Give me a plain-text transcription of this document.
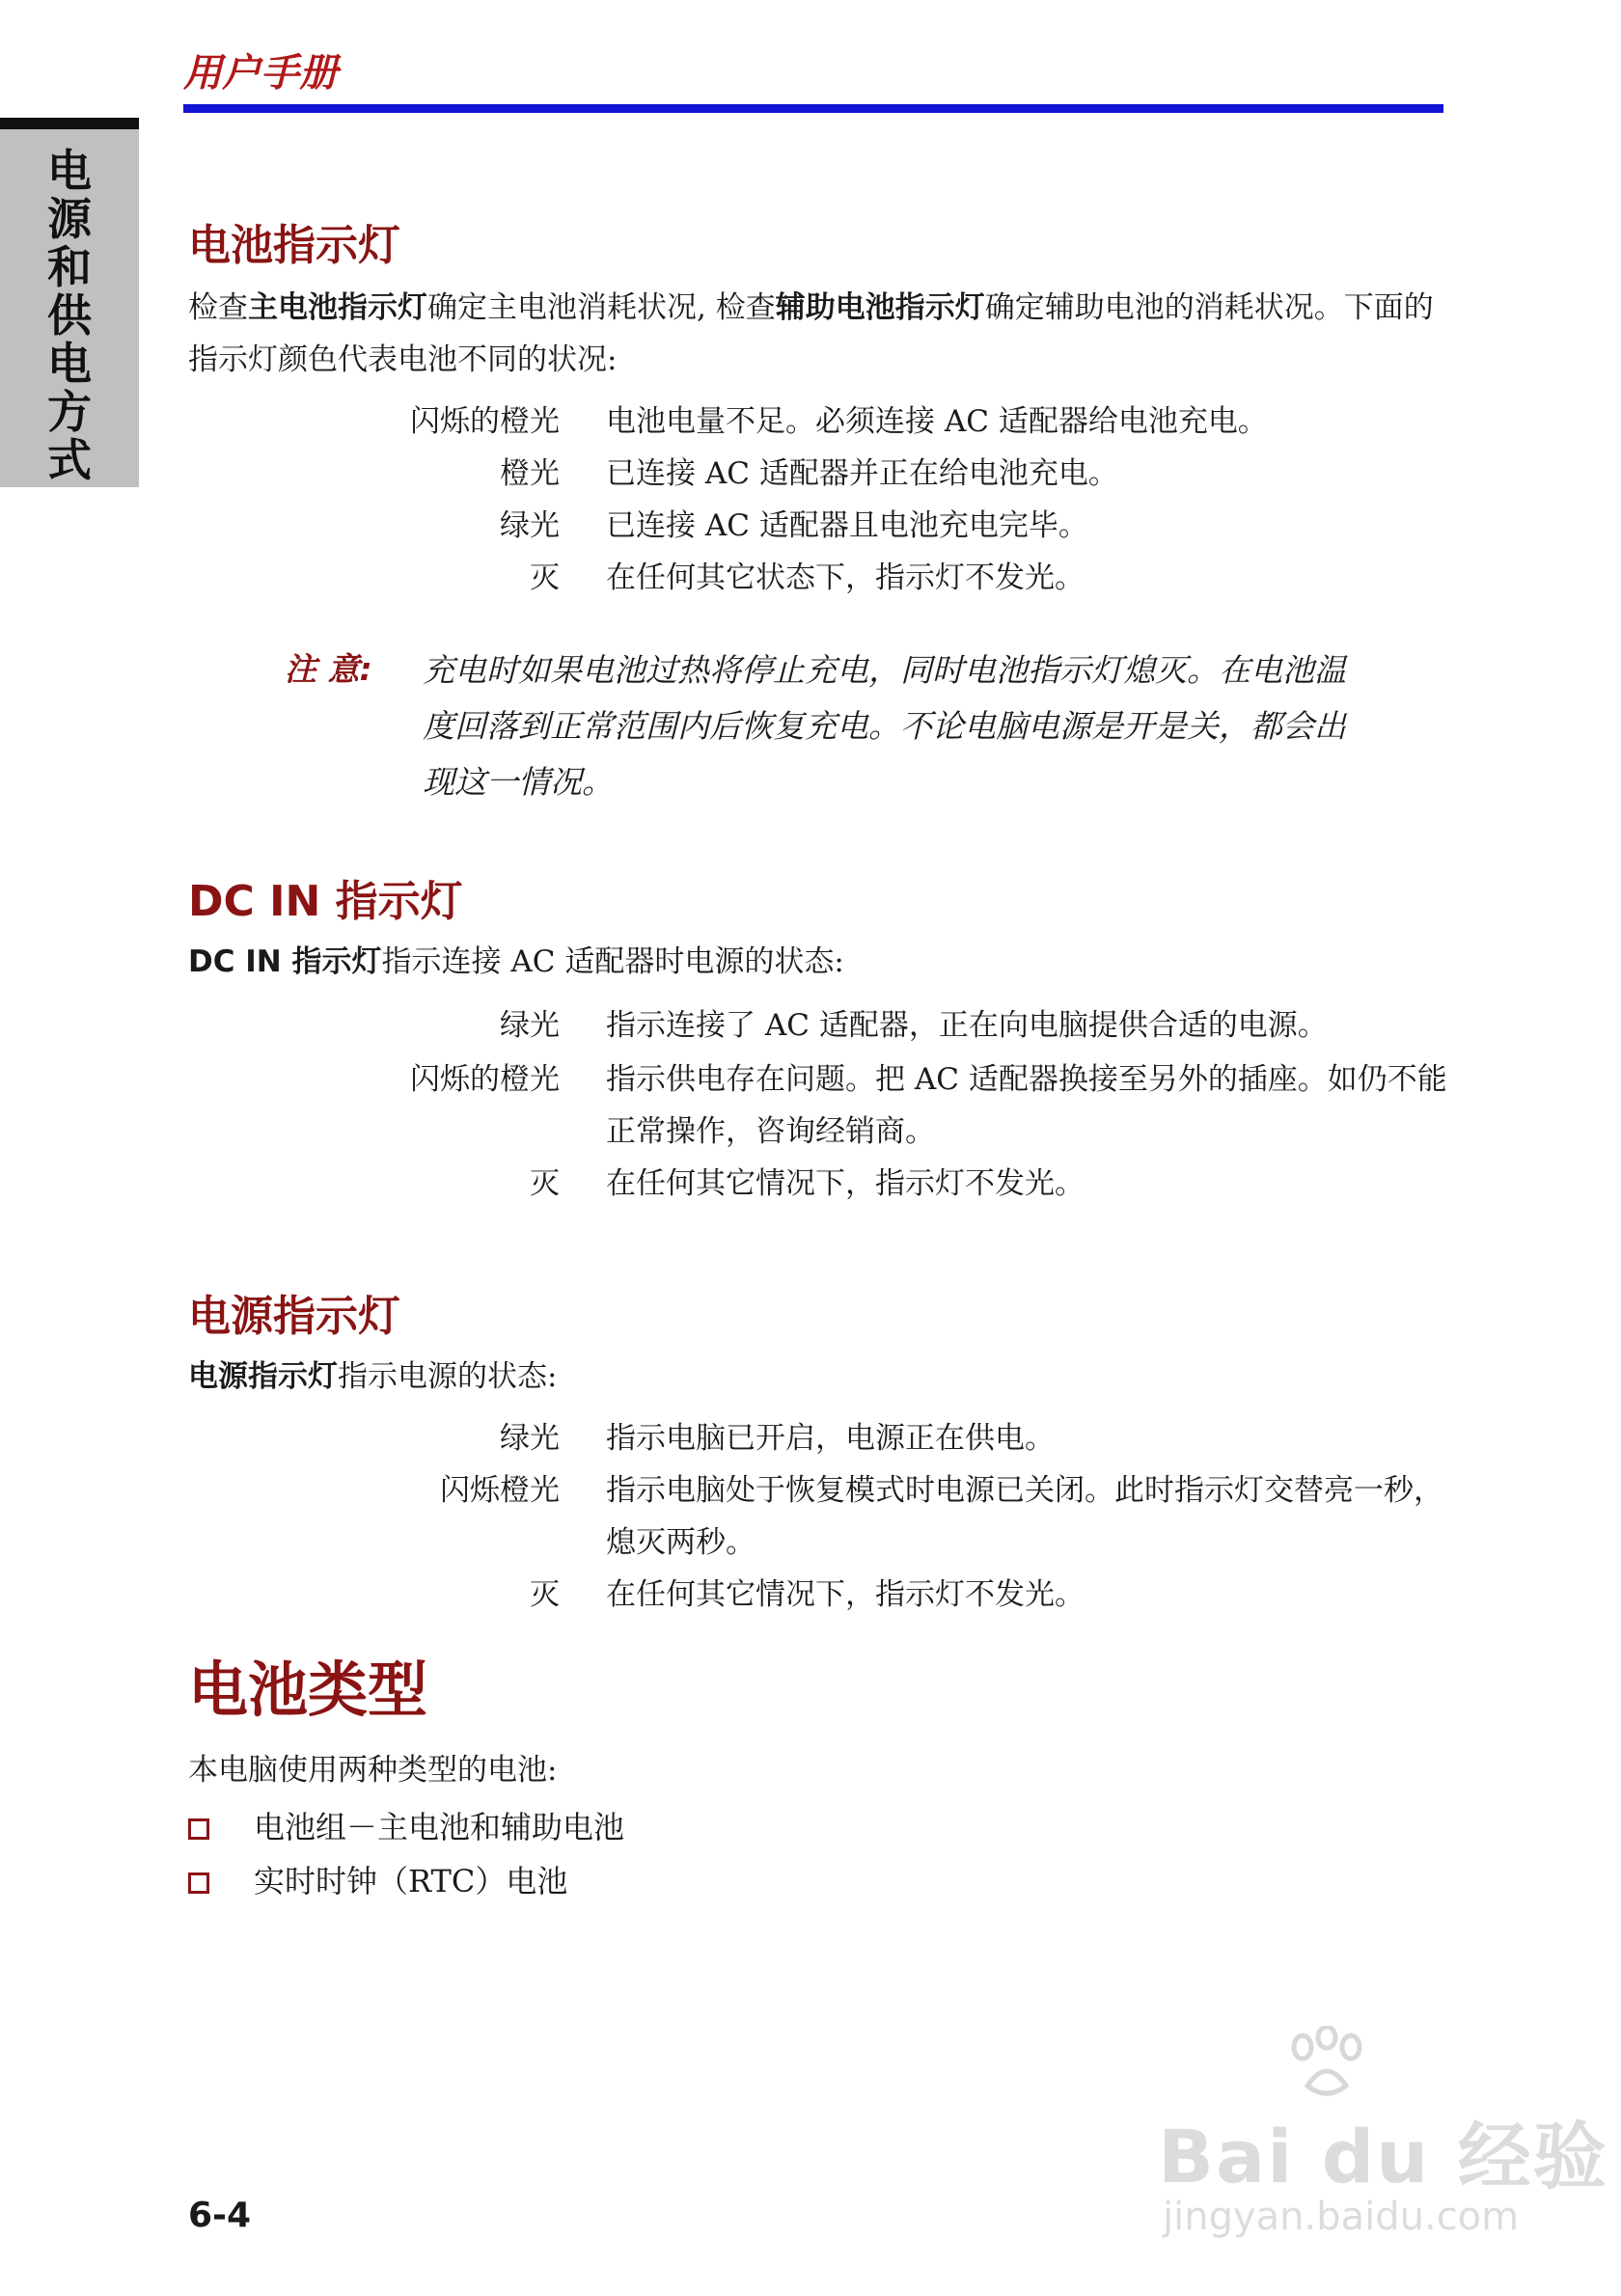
用户手册
电
源
和
供
电
方
式
电池指示灯
检查主电池指示灯确定主电池消耗状况, 检查辅助电池指示灯确定辅助电池的消耗状况。下面的指示灯颜色代表电池不同的状况:
闪烁的橙光 电池电量不足。必须连接 AC 适配器给电池充电。
橙光 已连接 AC 适配器并正在给电池充电。
绿光 已连接 AC 适配器且电池充电完毕。
灭 在任何其它状态下，指示灯不发光。
注 意: 充电时如果电池过热将停止充电，同时电池指示灯熄灭。在电池温度回落到正常范围内后恢复充电。不论电脑电源是开是关，都会出现这一情况。
DC IN 指示灯
DC IN 指示灯指示连接 AC 适配器时电源的状态:
绿光 指示连接了 AC 适配器，正在向电脑提供合适的电源。
闪烁的橙光 指示供电存在问题。把 AC 适配器换接至另外的插座。如仍不能正常操作，咨询经销商。
灭 在任何其它情况下，指示灯不发光。
电源指示灯
电源指示灯指示电源的状态:
绿光 指示电脑已开启，电源正在供电。
闪烁橙光 指示电脑处于恢复模式时电源已关闭。此时指示灯交替亮一秒，熄灭两秒。
灭 在任何其它情况下，指示灯不发光。
电池类型
本电脑使用两种类型的电池:
电池组－主电池和辅助电池
实时时钟（RTC）电池
6-4
Bai du 经验
jingyan.baidu.com
